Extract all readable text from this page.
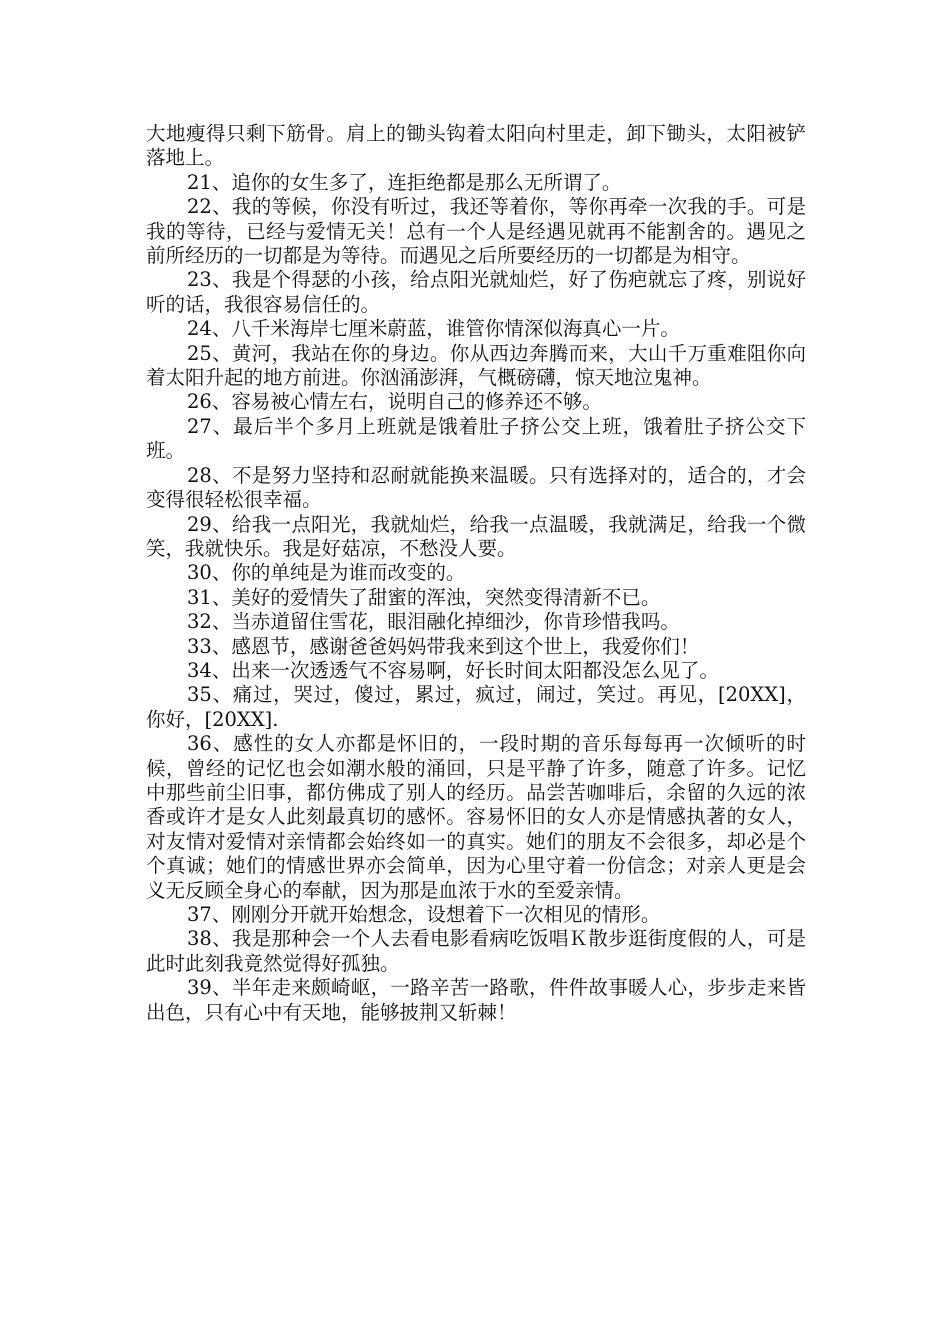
大地瘦得只剩下筋骨。肩上的锄头钩着太阳向村里走，卸下锄头，太阳被铲落地上。

21、追你的女生多了，连拒绝都是那么无所谓了。

22、我的等候，你没有听过，我还等着你，等你再牵一次我的手。可是我的等待，已经与爱情无关！总有一个人是经遇见就再不能割舍的。遇见之前所经历的一切都是为等待。而遇见之后所要经历的一切都是为相守。

23、我是个得瑟的小孩，给点阳光就灿烂，好了伤疤就忘了疼，别说好听的话，我很容易信任的。

24、八千米海岸七厘米蔚蓝，谁管你情深似海真心一片。

25、黄河，我站在你的身边。你从西边奔腾而来，大山千万重难阻你向着太阳升起的地方前进。你汹涌澎湃，气概磅礴，惊天地泣鬼神。

26、容易被心情左右，说明自己的修养还不够。

27、最后半个多月上班就是饿着肚子挤公交上班，饿着肚子挤公交下班。

28、不是努力坚持和忍耐就能换来温暖。只有选择对的，适合的，才会变得很轻松很幸福。

29、给我一点阳光，我就灿烂，给我一点温暖，我就满足，给我一个微笑，我就快乐。我是好菇凉，不愁没人要。

30、你的单纯是为谁而改变的。

31、美好的爱情失了甜蜜的浑浊，突然变得清新不已。

32、当赤道留住雪花，眼泪融化掉细沙，你肯珍惜我吗。

33、感恩节，感谢爸爸妈妈带我来到这个世上，我爱你们！

34、出来一次透透气不容易啊，好长时间太阳都没怎么见了。

35、痛过，哭过，傻过，累过，疯过，闹过，笑过。再见，[20XX]，你好，[20XX].

36、感性的女人亦都是怀旧的，一段时期的音乐每每再一次倾听的时候，曾经的记忆也会如潮水般的涌回，只是平静了许多，随意了许多。记忆中那些前尘旧事，都仿佛成了别人的经历。品尝苦咖啡后，余留的久远的浓香或许才是女人此刻最真切的感怀。容易怀旧的女人亦是情感执著的女人，对友情对爱情对亲情都会始终如一的真实。她们的朋友不会很多，却必是个个真诚；她们的情感世界亦会简单，因为心里守着一份信念；对亲人更是会义无反顾全身心的奉献，因为那是血浓于水的至爱亲情。

37、刚刚分开就开始想念，设想着下一次相见的情形。

38、我是那种会一个人去看电影看病吃饭唱Ｋ散步逛街度假的人，可是此时此刻我竟然觉得好孤独。

39、半年走来颇崎岖，一路辛苦一路歌，件件故事暖人心，步步走来皆出色，只有心中有天地，能够披荆又斩棘！
